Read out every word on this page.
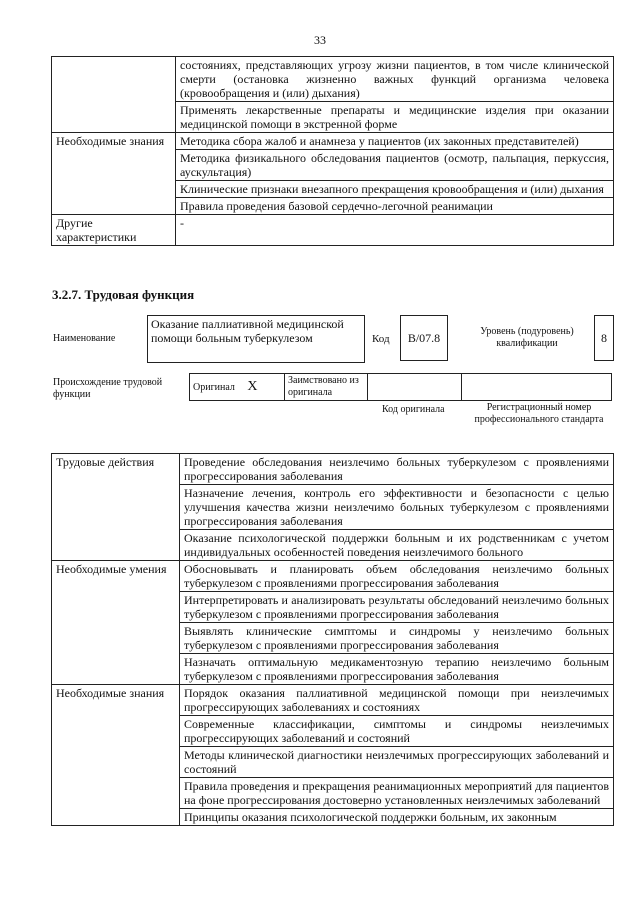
33
	состояниях, представляющих угрозу жизни пациентов, в том числе клинической смерти (остановка жизненно важных функций организма человека (кровообращения и (или) дыхания)
	Применять лекарственные препараты и медицинские изделия при оказании медицинской помощи в экстренной форме
Необходимые знания	Методика сбора жалоб и анамнеза у пациентов (их законных представителей)
	Методика физикального обследования пациентов (осмотр, пальпация, перкуссия, аускультация)
	Клинические признаки внезапного прекращения кровообращения и (или) дыхания
	Правила проведения базовой сердечно-легочной реанимации
Другие характеристики	-
3.2.7. Трудовая функция
Наименование
Оказание паллиативной медицинской помощи больным туберкулезом	Код	B/07.8	Уровень (подуровень) квалификации	8
Происхождение трудовой функции
Оригинал X	Заимствовано из оригинала		
Код оригинала	Регистрационный номер профессионального стандарта
Трудовые действия	Проведение обследования неизлечимо больных туберкулезом с проявлениями прогрессирования заболевания
	Назначение лечения, контроль его эффективности и безопасности с целью улучшения качества жизни неизлечимо больных туберкулезом с проявлениями прогрессирования заболевания
	Оказание психологической поддержки больным и их родственникам с учетом индивидуальных особенностей поведения неизлечимого больного
Необходимые умения	Обосновывать и планировать объем обследования неизлечимо больных туберкулезом с проявлениями прогрессирования заболевания
	Интерпретировать и анализировать результаты обследований неизлечимо больных туберкулезом с проявлениями прогрессирования заболевания
	Выявлять клинические симптомы и синдромы у неизлечимо больных туберкулезом с проявлениями прогрессирования заболевания
	Назначать оптимальную медикаментозную терапию неизлечимо больным туберкулезом с проявлениями прогрессирования заболевания
Необходимые знания	Порядок оказания паллиативной медицинской помощи при неизлечимых прогрессирующих заболеваниях и состояниях
	Современные классификации, симптомы и синдромы неизлечимых прогрессирующих заболеваний и состояний
	Методы клинической диагностики неизлечимых прогрессирующих заболеваний и состояний
	Правила проведения и прекращения реанимационных мероприятий для пациентов на фоне прогрессирования достоверно установленных неизлечимых заболеваний
	Принципы оказания психологической поддержки больным, их законным
